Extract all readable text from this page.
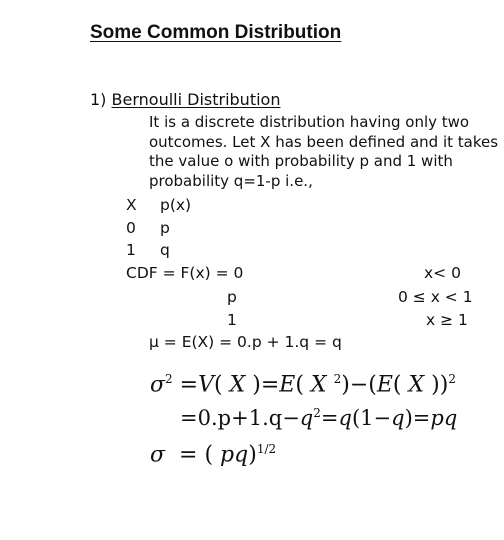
Some Common Distribution
1) Bernoulli Distribution
It is a discrete distribution having only two
outcomes. Let X has been defined and it takes
the value o with probability p and 1 with
probability q=1-p i.e.,
X p(x)
0 p
1 q
CDF = F(x) = 0	x< 0
p	0 ≤ x < 1
1	x ≥ 1
μ = E(X) = 0.p + 1.q = q
$\sigma^2 =V$( X )=E( X $^2$)−(E( X ))$^2$
$=0.p+1.q-q^2=q(1-q)=pq$
σ = ( pq)$^{1/2}$
